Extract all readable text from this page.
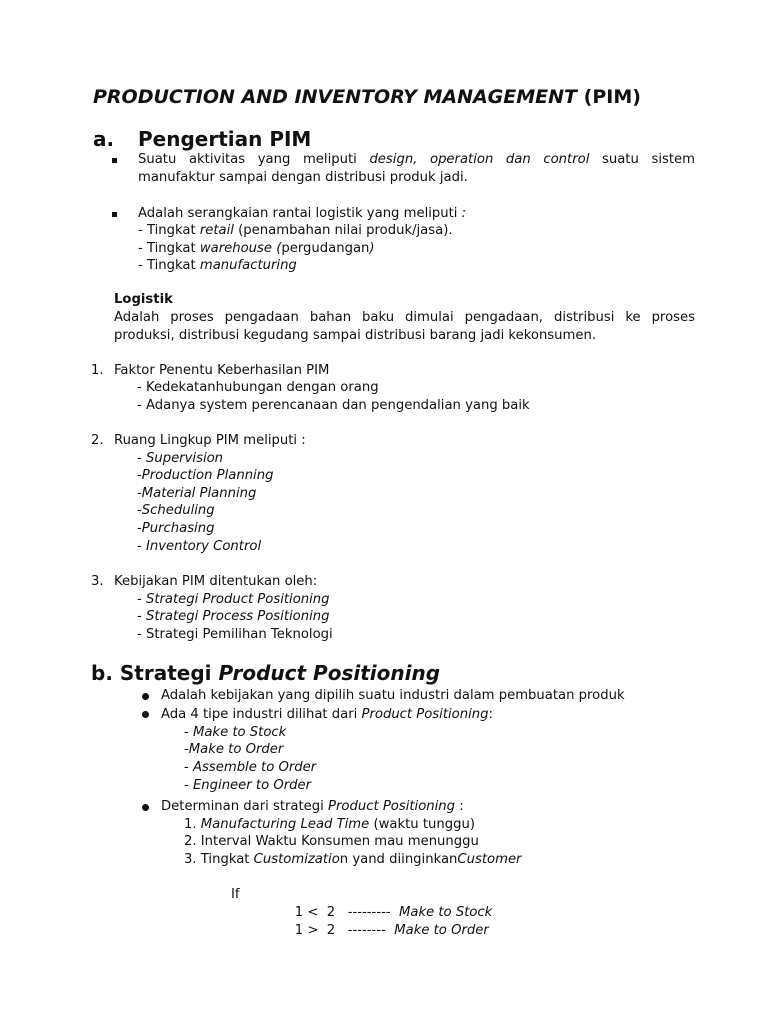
PRODUCTION AND INVENTORY MANAGEMENT (PIM)
a. Pengertian PIM
Suatu aktivitas yang meliputi design, operation dan control suatu sistem
manufaktur sampai dengan distribusi produk jadi.
Adalah serangkaian rantai logistik yang meliputi :
- Tingkat retail (penambahan nilai produk/jasa).
- Tingkat warehouse (pergudangan)
- Tingkat manufacturing
Logistik
Adalah proses pengadaan bahan baku dimulai pengadaan, distribusi ke proses
produksi, distribusi kegudang sampai distribusi barang jadi kekonsumen.
1. Faktor Penentu Keberhasilan PIM
- Kedekatanhubungan dengan orang
- Adanya system perencanaan dan pengendalian yang baik
2. Ruang Lingkup PIM meliputi :
- Supervision
-Production Planning
-Material Planning
-Scheduling
-Purchasing
- Inventory Control
3. Kebijakan PIM ditentukan oleh:
- Strategi Product Positioning
- Strategi Process Positioning
- Strategi Pemilihan Teknologi
b. Strategi Product Positioning
Adalah kebijakan yang dipilih suatu industri dalam pembuatan produk
Ada 4 tipe industri dilihat dari Product Positioning:
- Make to Stock
-Make to Order
- Assemble to Order
- Engineer to Order
Determinan dari strategi Product Positioning :
1. Manufacturing Lead Time (waktu tunggu)
2. Interval Waktu Konsumen mau menunggu
3. Tingkat Customization yand diinginkanCustomer
If

1 <  2   --------- Make to Stock

1 >  2   -------- Make to Order
